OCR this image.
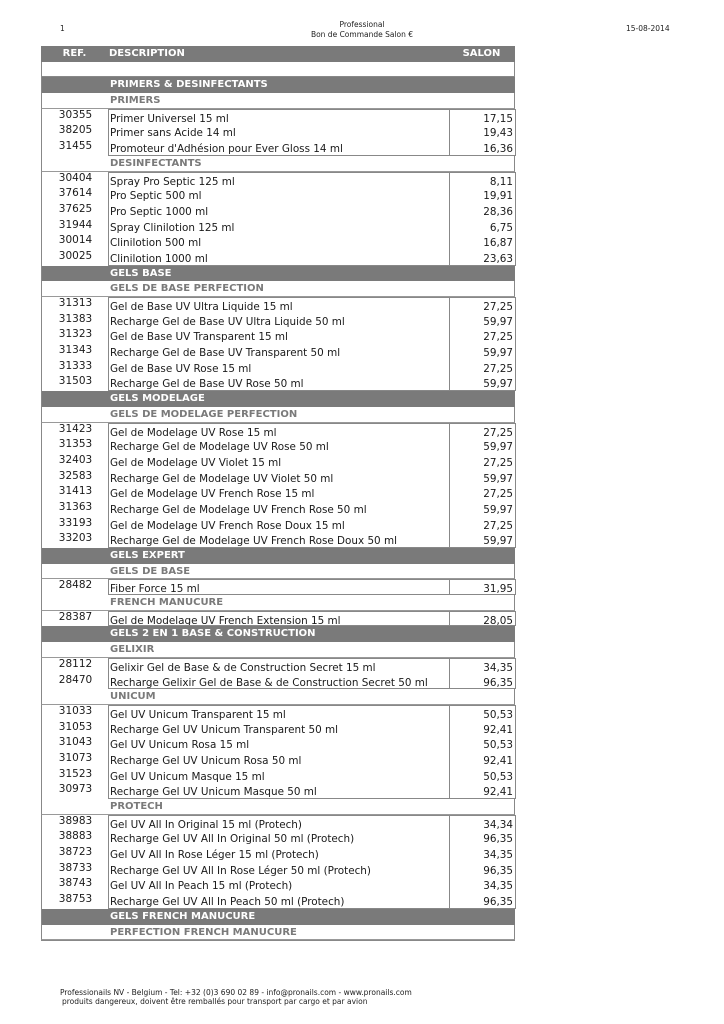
1	Professional
Bon de Commande Salon €
15-08-2014
REF.	DESCRIPTION	SALON
PRIMERS & DESINFECTANTS
PRIMERS
30355	Primer Universel 15 ml	17,15
38205	Primer sans Acide 14 ml	19,43
31455	Promoteur d'Adhésion pour Ever Gloss 14 ml	16,36
DESINFECTANTS
30404	Spray Pro Septic 125 ml	8,11
37614	Pro Septic 500 ml	19,91
37625	Pro Septic 1000 ml	28,36
31944	Spray Clinilotion 125 ml	6,75
30014	Clinilotion 500 ml	16,87
30025	Clinilotion 1000 ml	23,63
GELS BASE
GELS DE BASE PERFECTION
31313	Gel de Base UV Ultra Liquide 15 ml	27,25
31383	Recharge Gel de Base UV Ultra Liquide 50 ml	59,97
31323	Gel de Base UV Transparent 15 ml	27,25
31343	Recharge Gel de Base UV Transparent 50 ml	59,97
31333	Gel de Base UV Rose 15 ml	27,25
31503	Recharge Gel de Base UV Rose 50 ml	59,97
GELS MODELAGE
GELS DE MODELAGE PERFECTION
31423	Gel de Modelage UV Rose 15 ml	27,25
31353	Recharge Gel de Modelage UV Rose 50 ml	59,97
32403	Gel de Modelage UV Violet 15 ml	27,25
32583	Recharge Gel de Modelage UV Violet 50 ml	59,97
31413	Gel de Modelage UV French Rose 15 ml	27,25
31363	Recharge Gel de Modelage UV French Rose 50 ml	59,97
33193	Gel de Modelage UV French Rose Doux 15 ml	27,25
33203	Recharge Gel de Modelage UV French Rose Doux 50 ml	59,97
GELS EXPERT
GELS DE BASE
28482	Fiber Force 15 ml	31,95
FRENCH MANUCURE
28387	Gel de Modelage UV French Extension 15 ml	28,05
GELS 2 EN 1 BASE & CONSTRUCTION
GELIXIR
28112	Gelixir Gel de Base & de Construction Secret 15 ml	34,35
28470	Recharge Gelixir Gel de Base & de Construction Secret 50 ml	96,35
UNICUM
31033	Gel UV Unicum Transparent 15 ml	50,53
31053	Recharge Gel UV Unicum Transparent 50 ml	92,41
31043	Gel UV Unicum Rosa 15 ml	50,53
31073	Recharge Gel UV Unicum Rosa 50 ml	92,41
31523	Gel UV Unicum Masque 15 ml	50,53
30973	Recharge Gel UV Unicum Masque 50 ml	92,41
PROTECH
38983	Gel UV All In Original 15 ml (Protech)	34,34
38883	Recharge Gel UV All In Original 50 ml (Protech)	96,35
38723	Gel UV All In Rose Léger 15 ml (Protech)	34,35
38733	Recharge Gel UV All In Rose Léger 50 ml (Protech)	96,35
38743	Gel UV All In Peach 15 ml (Protech)	34,35
38753	Recharge Gel UV All In Peach 50 ml (Protech)	96,35
GELS FRENCH MANUCURE
PERFECTION FRENCH MANUCURE
Professionails NV - Belgium - Tel: +32 (0)3 690 02 89 - info@pronails.com - www.pronails.com
produits dangereux, doivent être remballés pour transport par cargo et par avion
